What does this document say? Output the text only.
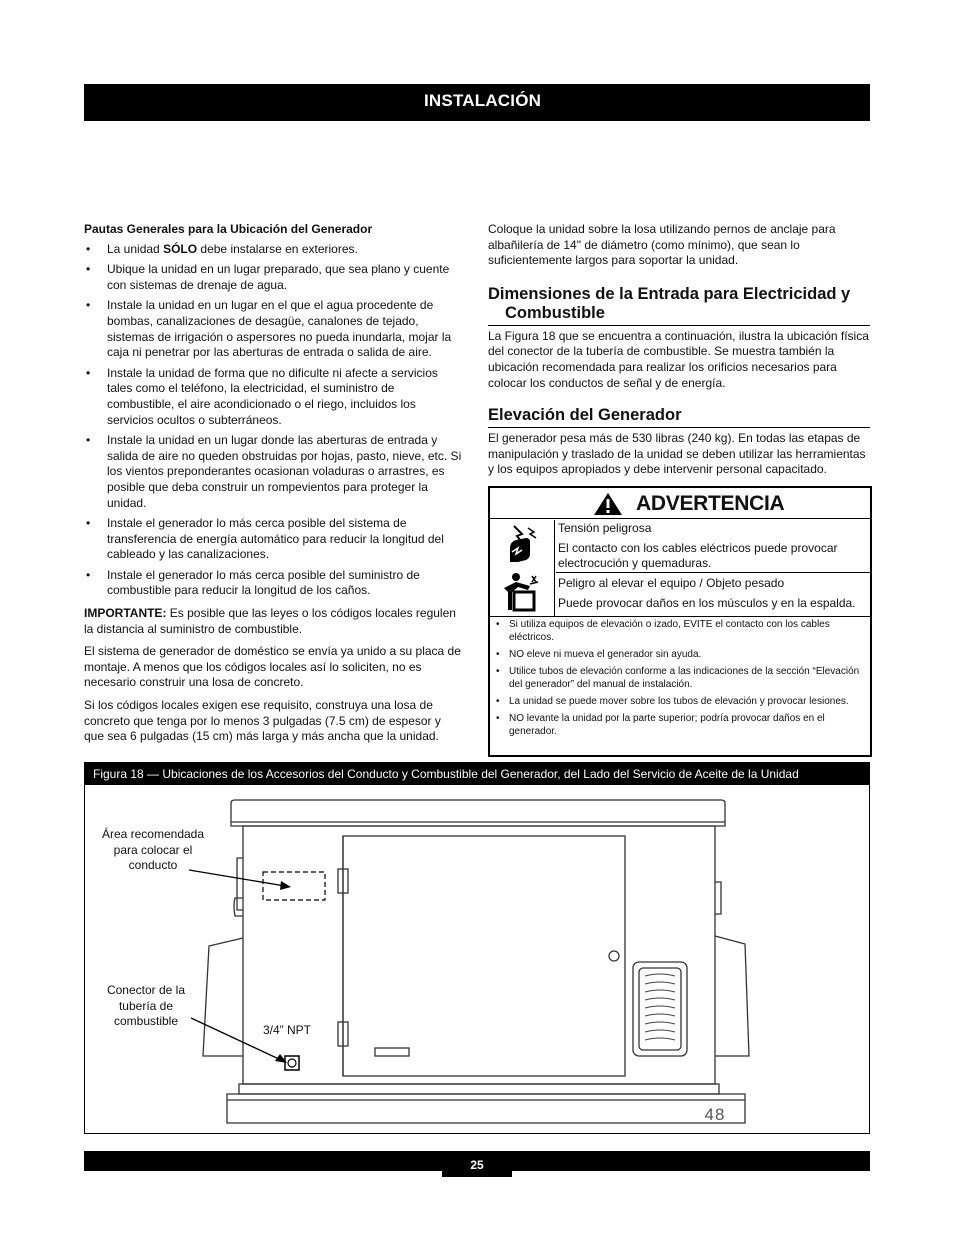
INSTALACIÓN
Pautas Generales para la Ubicación del Generador
• La unidad SÓLO debe instalarse en exteriores.
• Ubique la unidad en un lugar preparado, que sea plano y cuente con sistemas de drenaje de agua.
• Instale la unidad en un lugar en el que el agua procedente de bombas, canalizaciones de desagüe, canalones de tejado, sistemas de irrigación o aspersores no pueda inundarla, mojar la caja ni penetrar por las aberturas de entrada o salida de aire.
• Instale la unidad de forma que no dificulte ni afecte a servicios tales como el teléfono, la electricidad, el suministro de combustible, el aire acondicionado o el riego, incluidos los servicios ocultos o subterráneos.
• Instale la unidad en un lugar donde las aberturas de entrada y salida de aire no queden obstruidas por hojas, pasto, nieve, etc. Si los vientos preponderantes ocasionan voladuras o arrastres, es posible que deba construir un rompevientos para proteger la unidad.
• Instale el generador lo más cerca posible del sistema de transferencia de energía automático para reducir la longitud del cableado y las canalizaciones.
• Instale el generador lo más cerca posible del suministro de combustible para reducir la longitud de los caños.

IMPORTANTE: Es posible que las leyes o los códigos locales regulen la distancia al suministro de combustible.

El sistema de generador de doméstico se envía ya unido a su placa de montaje. A menos que los códigos locales así lo soliciten, no es necesario construir una losa de concreto.

Si los códigos locales exigen ese requisito, construya una losa de concreto que tenga por lo menos 3 pulgadas (7.5 cm) de espesor y que sea 6 pulgadas (15 cm) más larga y más ancha que la unidad.

Coloque la unidad sobre la losa utilizando pernos de anclaje para albañilería de 14" de diámetro (como mínimo), que sean lo suficientemente largos para soportar la unidad.

Dimensiones de la Entrada para Electricidad y
Combustible

La Figura 18 que se encuentra a continuación, ilustra la ubicación física del conector de la tubería de combustible. Se muestra también la ubicación recomendada para realizar los orificios necesarios para colocar los conductos de señal y de energía.

Elevación del Generador

El generador pesa más de 530 libras (240 kg). En todas las etapas de manipulación y traslado de la unidad se deben utilizar las herramientas y los equipos apropiados y debe intervenir personal capacitado.

ADVERTENCIA
Tensión peligrosa
El contacto con los cables eléctricos puede provocar electrocución y quemaduras.
Peligro al elevar el equipo / Objeto pesado
Puede provocar daños en los músculos y en la espalda.
• Si utiliza equipos de elevación o izado, EVITE el contacto con los cables eléctricos.
• NO eleve ni mueva el generador sin ayuda.
• Utilice tubos de elevación conforme a las indicaciones de la sección “Elevación del generador” del manual de instalación.
• La unidad se puede mover sobre los tubos de elevación y provocar lesiones.
• NO levante la unidad por la parte superior; podría provocar daños en el generador.
Figura 18 — Ubicaciones de los Accesorios del Conducto y Combustible del Generador, del Lado del Servicio de Aceite de la Unidad
Área recomendada
para colocar el
conducto
Conector de la
tubería de
combustible
3/4” NPT
48
25
